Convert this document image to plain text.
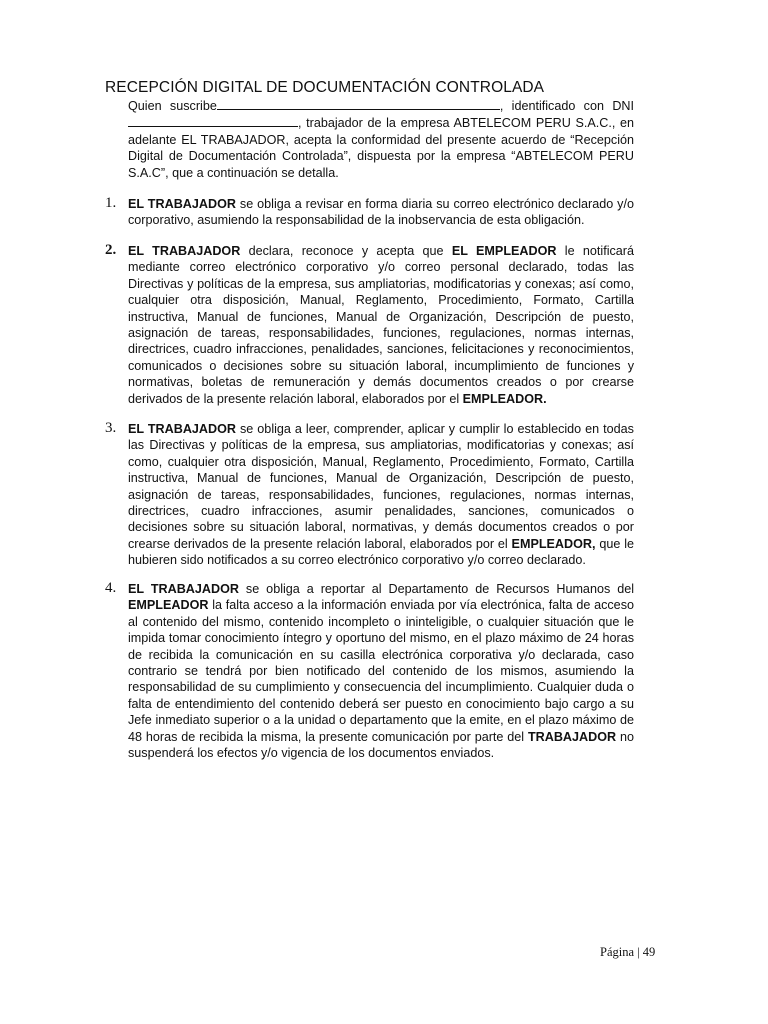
RECEPCIÓN DIGITAL DE DOCUMENTACIÓN CONTROLADA

Quien suscribe	, identificado con DNI , trabajador de la empresa ABTELECOM PERU S.A.C., en adelante EL TRABAJADOR, acepta la conformidad del presente acuerdo de “Recepción Digital de Documentación Controlada”, dispuesta por la empresa “ABTELECOM PERU S.A.C”, que a continuación se detalla.

1. EL TRABAJADOR se obliga a revisar en forma diaria su correo electrónico declarado y/o corporativo, asumiendo la responsabilidad de la inobservancia de esta obligación.

2. EL TRABAJADOR declara, reconoce y acepta que EL EMPLEADOR le notificará mediante correo electrónico corporativo y/o correo personal declarado, todas las Directivas y políticas de la empresa, sus ampliatorias, modificatorias y conexas; así como, cualquier otra disposición, Manual, Reglamento, Procedimiento, Formato, Cartilla instructiva, Manual de funciones, Manual de Organización, Descripción de puesto, asignación de tareas, responsabilidades, funciones, regulaciones, normas internas, directrices, cuadro infracciones, penalidades, sanciones, felicitaciones y reconocimientos, comunicados o decisiones sobre su situación laboral, incumplimiento de funciones y normativas, boletas de remuneración y demás documentos creados o por crearse derivados de la presente relación laboral, elaborados por el EMPLEADOR.

3. EL TRABAJADOR se obliga a leer, comprender, aplicar y cumplir lo establecido en todas las Directivas y políticas de la empresa, sus ampliatorias, modificatorias y conexas; así como, cualquier otra disposición, Manual, Reglamento, Procedimiento, Formato, Cartilla instructiva, Manual de funciones, Manual de Organización, Descripción de puesto, asignación de tareas, responsabilidades, funciones, regulaciones, normas internas, directrices, cuadro infracciones, asumir penalidades, sanciones, comunicados o decisiones sobre su situación laboral, normativas, y demás documentos creados o por crearse derivados de la presente relación laboral, elaborados por el EMPLEADOR, que le hubieren sido notificados a su correo electrónico corporativo y/o correo declarado.

4. EL TRABAJADOR se obliga a reportar al Departamento de Recursos Humanos del EMPLEADOR la falta acceso a la información enviada por vía electrónica, falta de acceso al contenido del mismo, contenido incompleto o ininteligible, o cualquier situación que le impida tomar conocimiento íntegro y oportuno del mismo, en el plazo máximo de 24 horas de recibida la comunicación en su casilla electrónica corporativa y/o declarada, caso contrario se tendrá por bien notificado del contenido de los mismos, asumiendo la responsabilidad de su cumplimiento y consecuencia del incumplimiento. Cualquier duda o falta de entendimiento del contenido deberá ser puesto en conocimiento bajo cargo a su Jefe inmediato superior o a la unidad o departamento que la emite, en el plazo máximo de 48 horas de recibida la misma, la presente comunicación por parte del TRABAJADOR no suspenderá los efectos y/o vigencia de los documentos enviados.

Página | 49
